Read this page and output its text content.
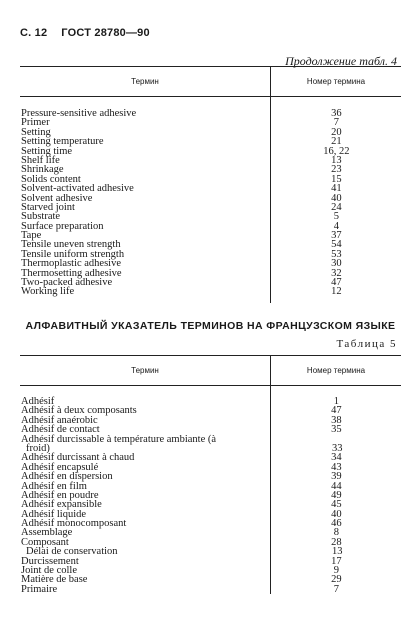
С. 12 ГОСТ 28780—90
Продолжение табл. 4
Термин	Номер термина
Pressure-sensitive adhesive	36
Primer	7
Setting	20
Setting temperature	21
Setting time	16, 22
Shelf life	13
Shrinkage	23
Solids content	15
Solvent-activated adhesive	41
Solvent adhesive	40
Starved joint	24
Substrate	5
Surface preparation	4
Tape	37
Tensile uneven strength	54
Tensile uniform strength	53
Thermoplastic adhesive	30
Thermosetting adhesive	32
Two-packed adhesive	47
Working life	12
АЛФАВИТНЫЙ УКАЗАТЕЛЬ ТЕРМИНОВ НА ФРАНЦУЗСКОМ ЯЗЫКЕ
Таблица 5
Термин	Номер термина
Adhésif	1
Adhésif à deux composants	47
Adhésif anaérobic	38
Adhésif de contact	35
Adhésif durcissable à température ambiante (à
froid)	33
Adhésif durcissant à chaud	34
Adhésif encapsulé	43
Adhésif en dispersion	39
Adhésif en film	44
Adhésif en poudre	49
Adhésif expansible	45
Adhésif liquide	40
Adhésif monocomposant	46
Assemblage	8
Composant	28
Délai de conservation	13
Durcissement	17
Joint de colle	9
Matière de base	29
Primaire	7
